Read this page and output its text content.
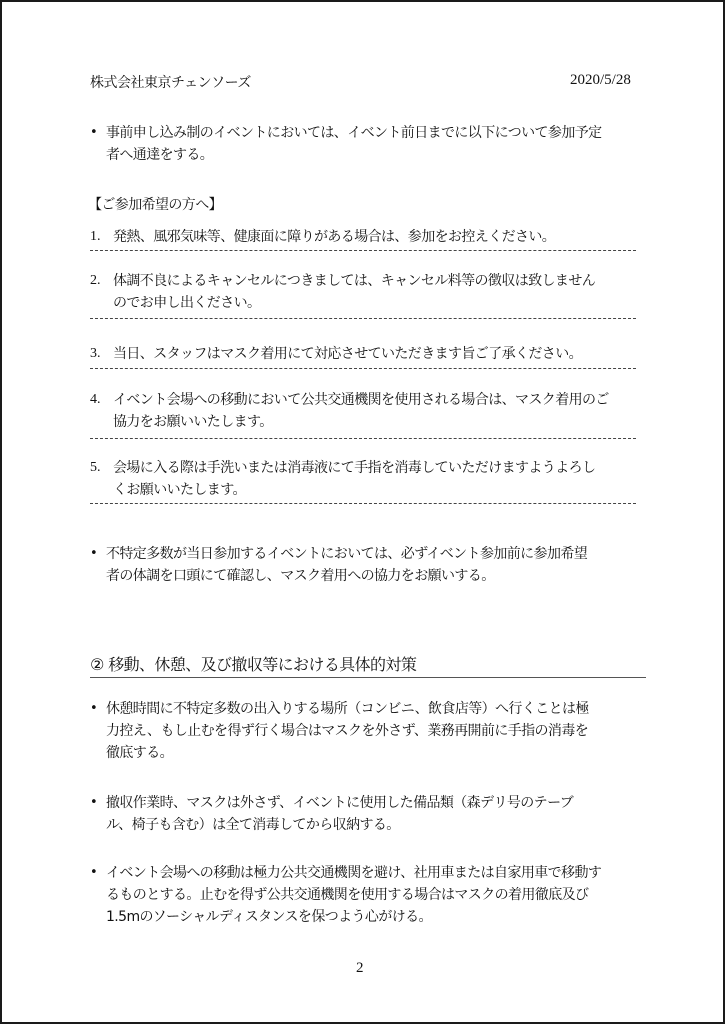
株式会社東京チェンソーズ	2020/5/28
• 事前申し込み制のイベントにおいては、イベント前日までに以下について参加予定
者へ通達をする。
【ご参加希望の方へ】
1. 発熱、風邪気味等、健康面に障りがある場合は、参加をお控えください。
2. 体調不良によるキャンセルにつきましては、キャンセル料等の徴収は致しません
のでお申し出ください。
3. 当日、スタッフはマスク着用にて対応させていただきます旨ご了承ください。
4. イベント会場への移動において公共交通機関を使用される場合は、マスク着用のご
協力をお願いいたします。
5. 会場に入る際は手洗いまたは消毒液にて手指を消毒していただけますようよろし
くお願いいたします。
• 不特定多数が当日参加するイベントにおいては、必ずイベント参加前に参加希望
者の体調を口頭にて確認し、マスク着用への協力をお願いする。
② 移動、休憩、及び撤収等における具体的対策
• 休憩時間に不特定多数の出入りする場所（コンビニ、飲食店等）へ行くことは極
力控え、もし止むを得ず行く場合はマスクを外さず、業務再開前に手指の消毒を
徹底する。
• 撤収作業時、マスクは外さず、イベントに使用した備品類（森デリ号のテーブ
ル、椅子も含む）は全て消毒してから収納する。
• イベント会場への移動は極力公共交通機関を避け、社用車または自家用車で移動す
るものとする。止むを得ず公共交通機関を使用する場合はマスクの着用徹底及び
1.5mのソーシャルディスタンスを保つよう心がける。
2
